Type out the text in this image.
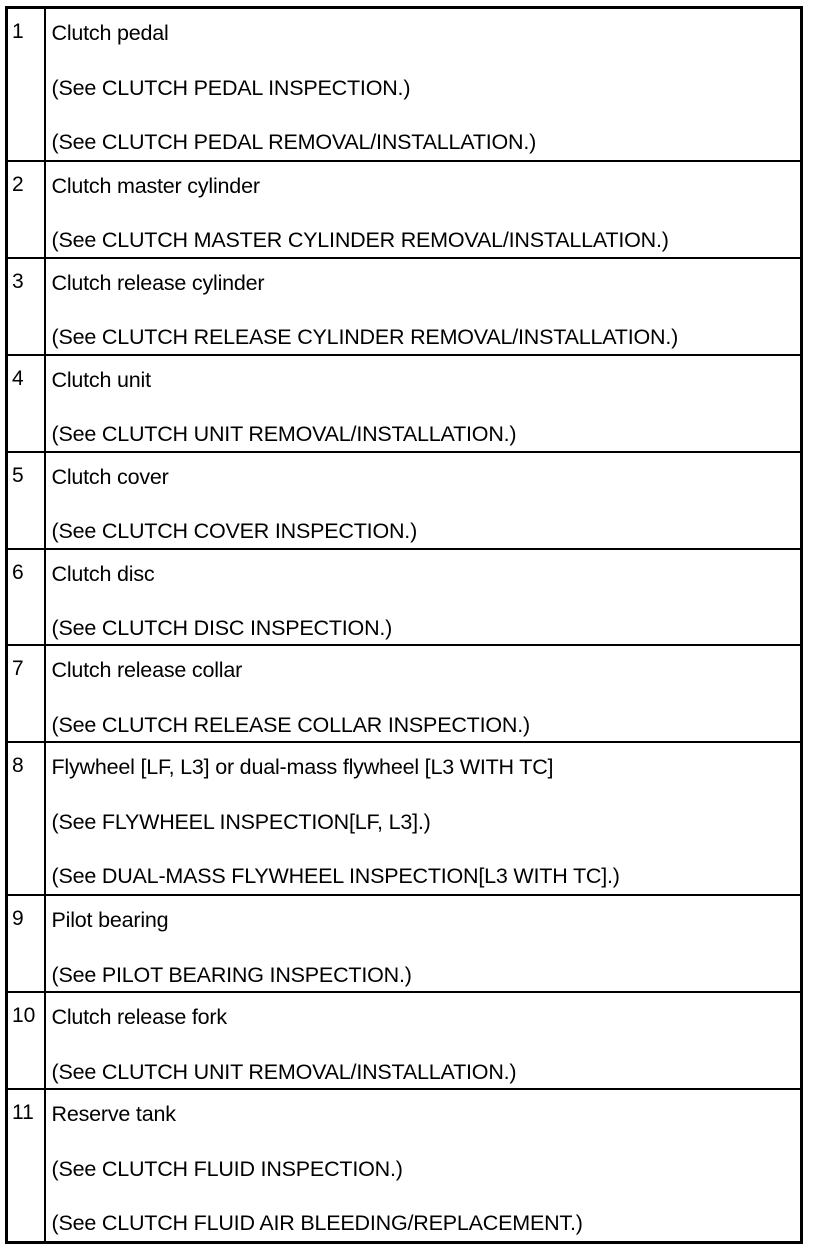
1	Clutch pedal
(See CLUTCH PEDAL INSPECTION.)
(See CLUTCH PEDAL REMOVAL/INSTALLATION.)

2	Clutch master cylinder
(See CLUTCH MASTER CYLINDER REMOVAL/INSTALLATION.)

3	Clutch release cylinder
(See CLUTCH RELEASE CYLINDER REMOVAL/INSTALLATION.)

4	Clutch unit
(See CLUTCH UNIT REMOVAL/INSTALLATION.)

5	Clutch cover
(See CLUTCH COVER INSPECTION.)

6	Clutch disc
(See CLUTCH DISC INSPECTION.)

7	Clutch release collar
(See CLUTCH RELEASE COLLAR INSPECTION.)

8	Flywheel [LF, L3] or dual-mass flywheel [L3 WITH TC]
(See FLYWHEEL INSPECTION[LF, L3].)
(See DUAL-MASS FLYWHEEL INSPECTION[L3 WITH TC].)

9	Pilot bearing
(See PILOT BEARING INSPECTION.)

10	Clutch release fork
(See CLUTCH UNIT REMOVAL/INSTALLATION.)

11	Reserve tank
(See CLUTCH FLUID INSPECTION.)
(See CLUTCH FLUID AIR BLEEDING/REPLACEMENT.)
